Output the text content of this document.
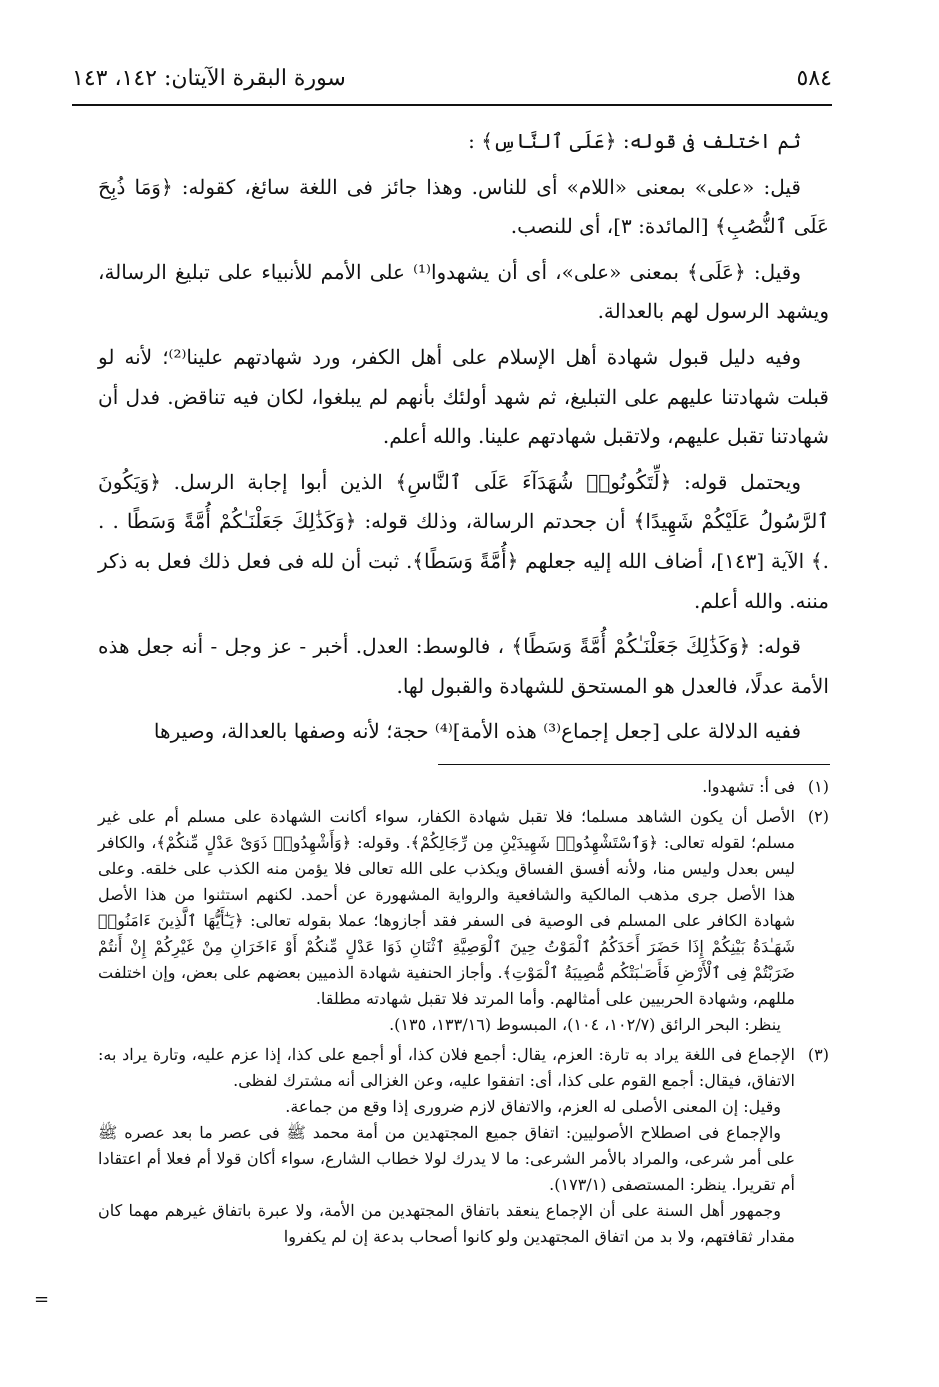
٥٨٤
سورة البقرة الآيتان: ١٤٢، ١٤٣

ثم اختلف فى قوله: ﴿عَلَى ٱلنَّاسِ﴾ :

قيل: «على» بمعنى «اللام» أى للناس. وهذا جائز فى اللغة سائغ، كقوله: ﴿وَمَا ذُبِحَ عَلَى ٱلنُّصُبِ﴾ [المائدة: ٣]، أى للنصب.

وقيل: ﴿عَلَى﴾ بمعنى «على»، أى أن يشهدوا⁽¹⁾ على الأمم للأنبياء على تبليغ الرسالة، ويشهد الرسول لهم بالعدالة.

وفيه دليل قبول شهادة أهل الإسلام على أهل الكفر، ورد شهادتهم علينا⁽²⁾؛ لأنه لو قبلت شهادتنا عليهم على التبليغ، ثم شهد أولئك بأنهم لم يبلغوا، لكان فيه تناقض. فدل أن شهادتنا تقبل عليهم، ولاتقبل شهادتهم علينا. والله أعلم.

ويحتمل قوله: ﴿لِّتَكُونُوا۟ شُهَدَآءَ عَلَى ٱلنَّاسِ﴾ الذين أبوا إجابة الرسل. ﴿وَيَكُونَ ٱلرَّسُولُ عَلَيْكُمْ شَهِيدًا﴾ أن جحدتم الرسالة، وذلك قوله: ﴿وَكَذَٰلِكَ جَعَلْنَـٰكُمْ أُمَّةً وَسَطًا . . .﴾ الآية [١٤٣]، أضاف الله إليه جعلهم ﴿أُمَّةً وَسَطًا﴾. ثبت أن لله فى فعل ذلك فعل به ذكر مننه. والله أعلم.

قوله: ﴿وَكَذَٰلِكَ جَعَلْنَـٰكُمْ أُمَّةً وَسَطًا﴾ ، فالوسط: العدل. أخبر - عز وجل - أنه جعل هذه الأمة عدلًا، فالعدل هو المستحق للشهادة والقبول لها.

ففيه الدلالة على [جعل إجماع⁽³⁾ هذه الأمة]⁽⁴⁾ حجة؛ لأنه وصفها بالعدالة، وصيرها

(١)

فى أ: تشهدوا.

(٢)

الأصل أن يكون الشاهد مسلما؛ فلا تقبل شهادة الكفار، سواء أكانت الشهادة على مسلم أم على غير مسلم؛ لقوله تعالى: ﴿وَٱسْتَشْهِدُوا۟ شَهِيدَيْنِ مِن رِّجَالِكُمْ﴾. وقوله: ﴿وَأَشْهِدُوا۟ ذَوَىْ عَدْلٍ مِّنكُمْ﴾، والكافر ليس بعدل وليس منا، ولأنه أفسق الفساق ويكذب على الله تعالى فلا يؤمن منه الكذب على خلقه. وعلى هذا الأصل جرى مذهب المالكية والشافعية والرواية المشهورة عن أحمد. لكنهم استثنوا من هذا الأصل شهادة الكافر على المسلم فى الوصية فى السفر فقد أجازوها؛ عملا بقوله تعالى: ﴿يَـٰٓأَيُّهَا ٱلَّذِينَ ءَامَنُوا۟ شَهَـٰدَةُ بَيْنِكُمْ إِذَا حَضَرَ أَحَدَكُمُ ٱلْمَوْتُ حِينَ ٱلْوَصِيَّةِ ٱثْنَانِ ذَوَا عَدْلٍ مِّنكُمْ أَوْ ءَاخَرَانِ مِنْ غَيْرِكُمْ إِنْ أَنتُمْ ضَرَبْتُمْ فِى ٱلْأَرْضِ فَأَصَـٰبَتْكُم مُّصِيبَةُ ٱلْمَوْتِ﴾. وأجاز الحنفية شهادة الذميين بعضهم على بعض، وإن اختلفت مللهم، وشهادة الحربيين على أمثالهم. وأما المرتد فلا تقبل شهادته مطلقا.

ينظر: البحر الرائق (١٠٢/٧، ١٠٤)، المبسوط (١٣٣/١٦، ١٣٥).

(٣)

الإجماع فى اللغة يراد به تارة: العزم، يقال: أجمع فلان كذا، أو أجمع على كذا، إذا عزم عليه، وتارة يراد به: الاتفاق، فيقال: أجمع القوم على كذا، أى: اتفقوا عليه، وعن الغزالى أنه مشترك لفظى.

وقيل: إن المعنى الأصلى له العزم، والاتفاق لازم ضرورى إذا وقع من جماعة.

والإجماع فى اصطلاح الأصوليين: اتفاق جميع المجتهدين من أمة محمد ﷺ فى عصر ما بعد عصره ﷺ على أمر شرعى، والمراد بالأمر الشرعى: ما لا يدرك لولا خطاب الشارع، سواء أكان قولا أم فعلا أم اعتقادا أم تقريرا. ينظر: المستصفى (١٧٣/١).

وجمهور أهل السنة على أن الإجماع ينعقد باتفاق المجتهدين من الأمة، ولا عبرة باتفاق غيرهم مهما كان مقدار ثقافتهم، ولا بد من اتفاق المجتهدين ولو كانوا أصحاب بدعة إن لم يكفروا

=
